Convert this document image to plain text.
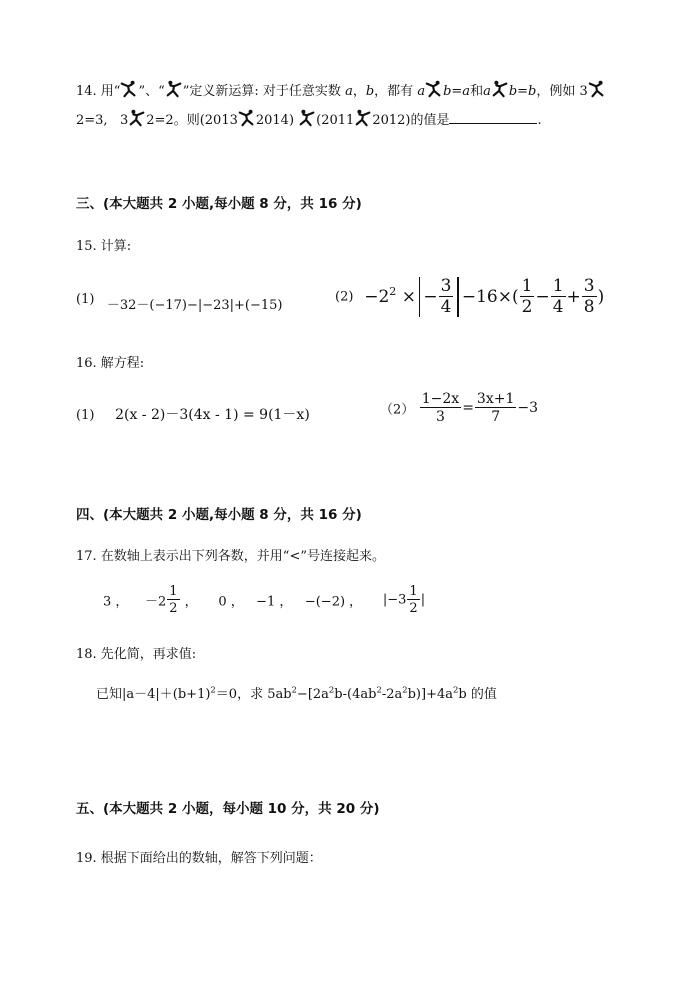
14. 用“ ”、“ ”定义新运算: 对于任意实数 a，b，都有 a b=a和a b=b，例如 3
2=3, 3 2=2。则(2013 2014) (2011 2012)的值是	.
三、(本大题共 2 小题,每小题 8 分，共 16 分)
15. 计算:
(1) －32－(−17)−|−23|+(−15)
$(2) -2^2$ × − $\frac{3}{4} -16\times( \frac{1}{2} - \frac{1}{4} + \frac{3}{8}$ )
16. 解方程:
(1) 2(x - 2)－3(4x - 1) = 9(1－x)	$(2) \frac{1-2x}{3} = \frac{3x+1}{7} -3$
四、(本大题共 2 小题,每小题 8 分，共 16 分)
17. 在数轴上表示出下列各数，并用“<”号连接起来。
3 ， $-2 \frac{1}{2}$ ， 0 ， −1 ， −(−2) ， $|-3 \frac{1}{2}$ |
18. 先化简，再求值:
已知$|a-4|+(b+1)^2=0$，求 $5ab^2-[2a^2b-(4ab^2-2a^2b)]+4a^2b$ 的值
五、(本大题共 2 小题，每小题 10 分，共 20 分)
19. 根据下面给出的数轴，解答下列问题：
